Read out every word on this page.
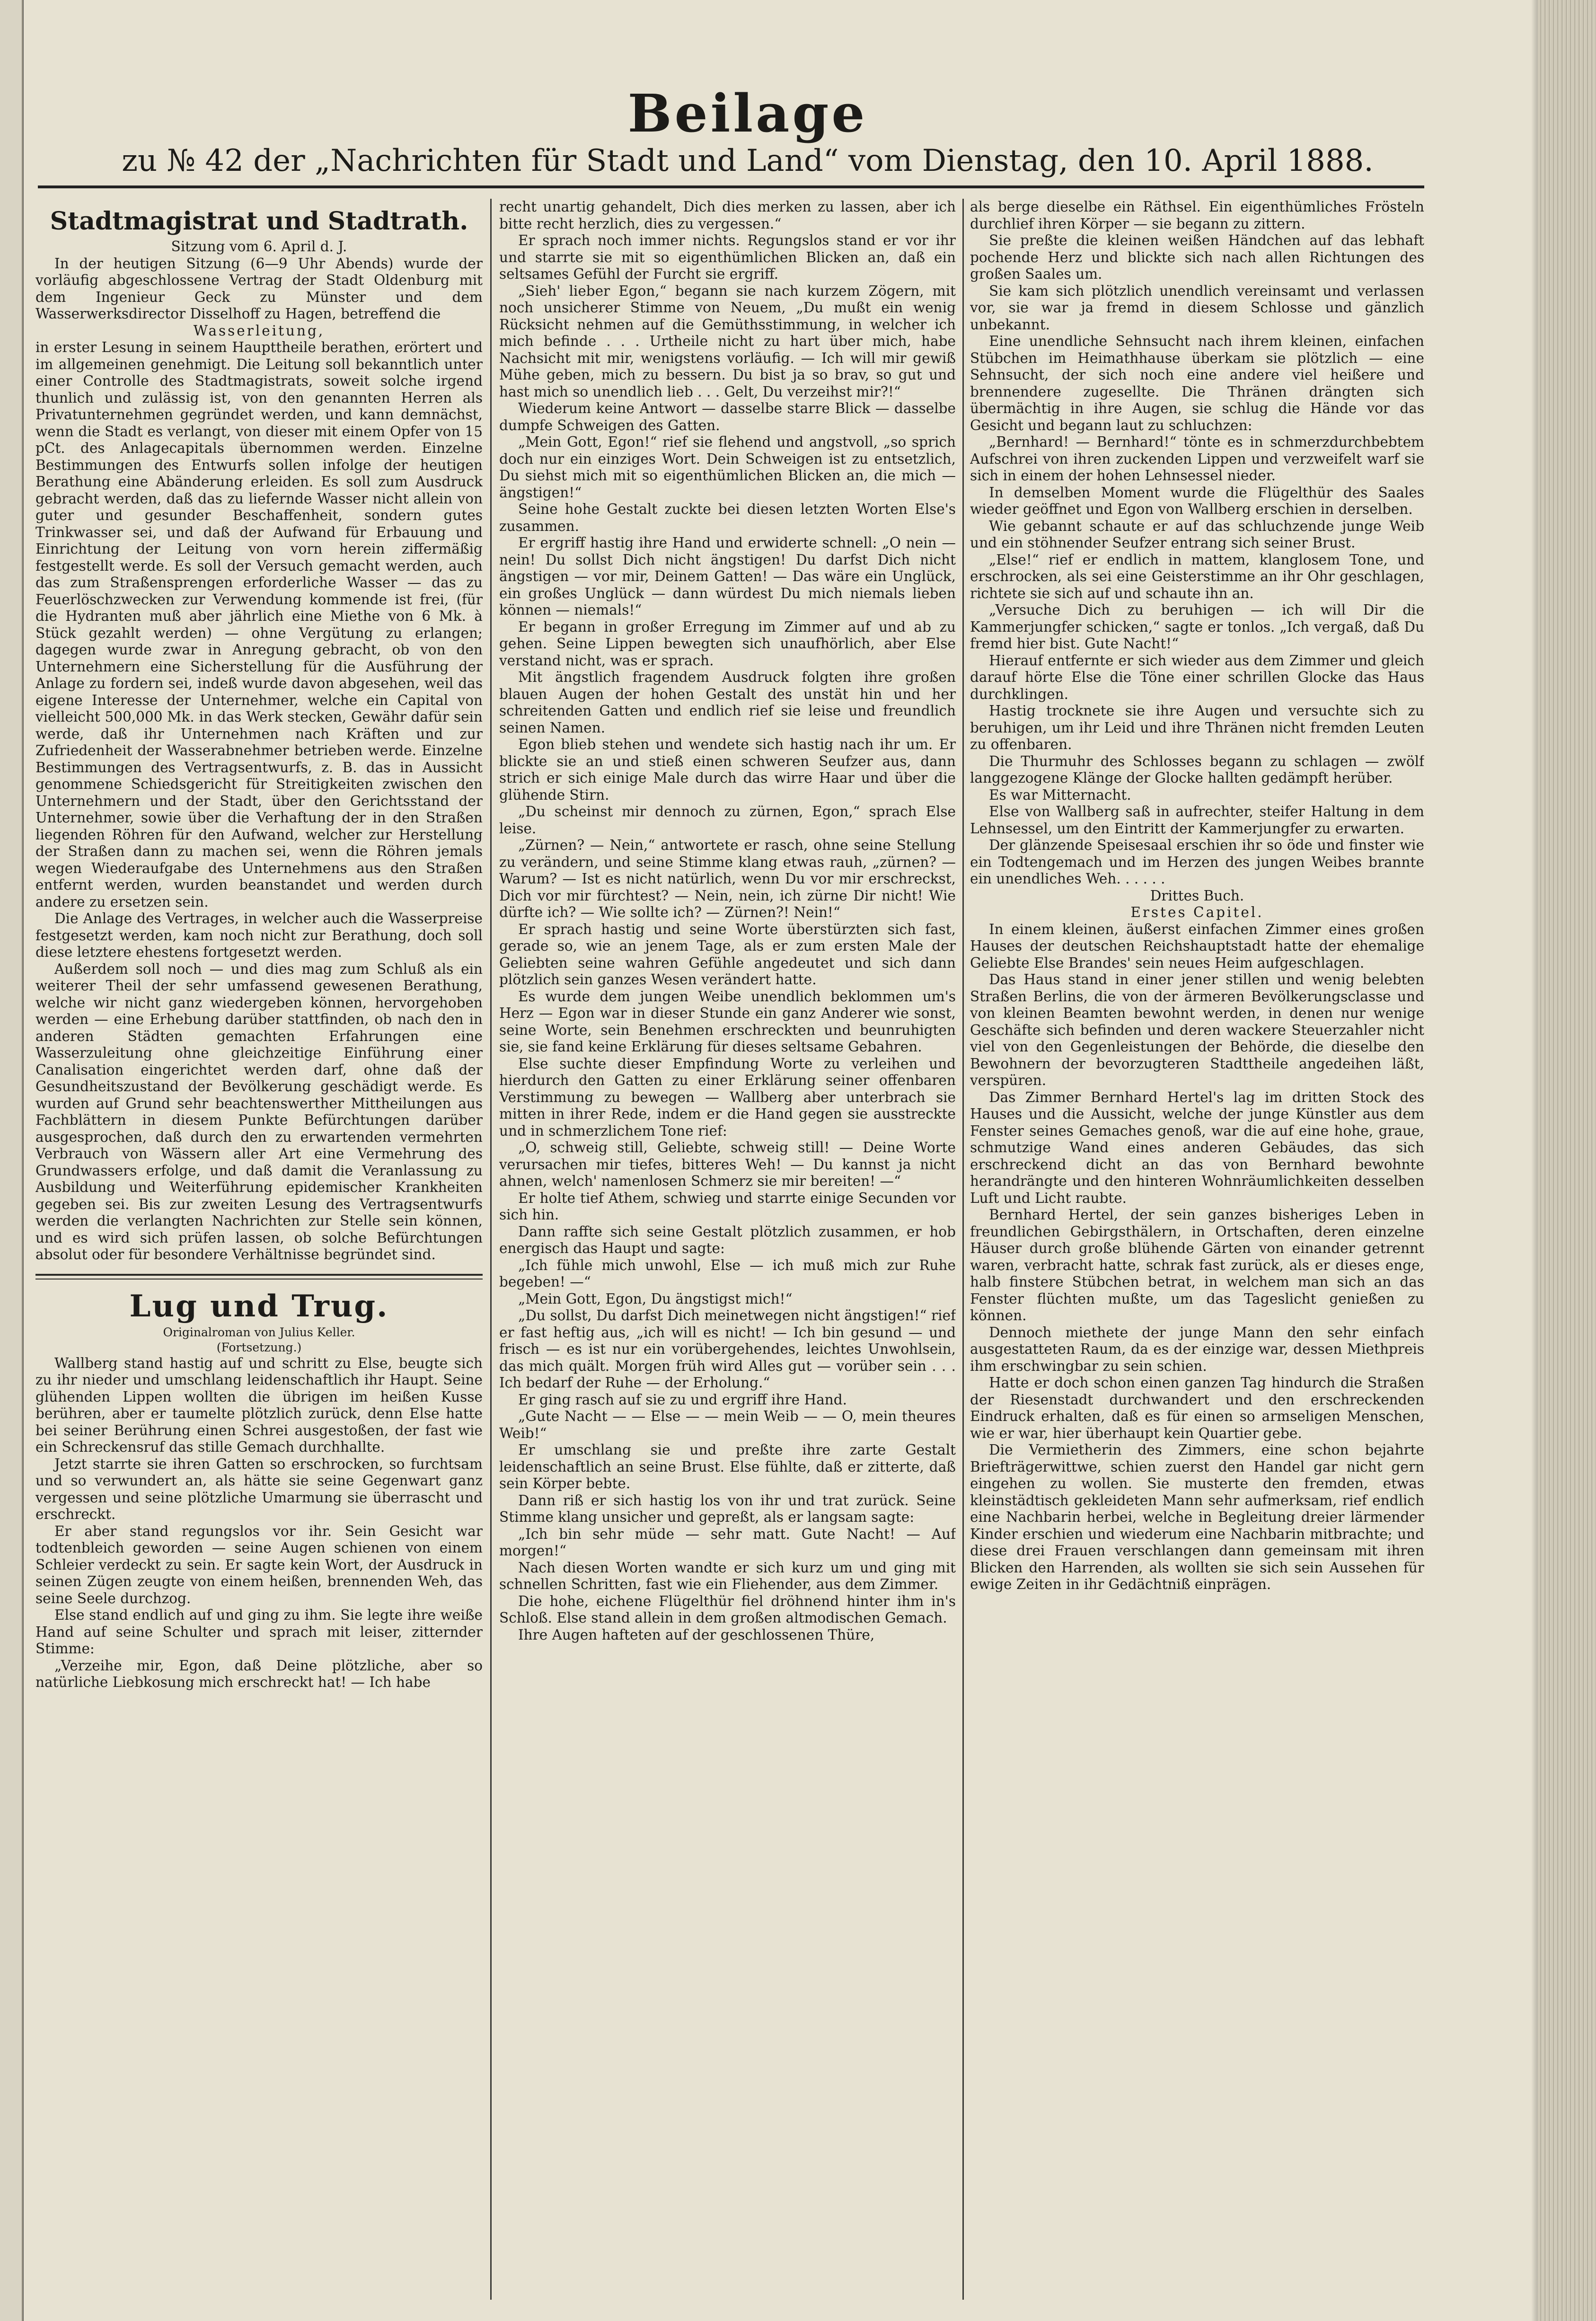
Beilage
zu № 42 der „Nachrichten für Stadt und Land“ vom Dienstag, den 10. April 1888.
Stadtmagistrat und Stadtrath.

Sitzung vom 6. April d. J.

In der heutigen Sitzung (6—9 Uhr Abends) wurde der vorläufig abgeschlossene Vertrag der Stadt Oldenburg mit dem Ingenieur Geck zu Münster und dem Wasserwerksdirector Disselhoff zu Hagen, betreffend die

Wasserleitung,

in erster Lesung in seinem Haupttheile berathen, erörtert und im allgemeinen genehmigt. Die Leitung soll bekanntlich unter einer Controlle des Stadtmagistrats, soweit solche irgend thunlich und zulässig ist, von den genannten Herren als Privatunternehmen gegründet werden, und kann demnächst, wenn die Stadt es verlangt, von dieser mit einem Opfer von 15 pCt. des Anlagecapitals übernommen werden. Einzelne Bestimmungen des Entwurfs sollen infolge der heutigen Berathung eine Abänderung erleiden. Es soll zum Ausdruck gebracht werden, daß das zu liefernde Wasser nicht allein von guter und gesunder Beschaffenheit, sondern gutes Trinkwasser sei, und daß der Aufwand für Erbauung und Einrichtung der Leitung von vorn herein ziffermäßig festgestellt werde. Es soll der Versuch gemacht werden, auch das zum Straßensprengen erforderliche Wasser — das zu Feuerlöschzwecken zur Verwendung kommende ist frei, (für die Hydranten muß aber jährlich eine Miethe von 6 Mk. à Stück gezahlt werden) — ohne Vergütung zu erlangen; dagegen wurde zwar in Anregung gebracht, ob von den Unternehmern eine Sicherstellung für die Ausführung der Anlage zu fordern sei, indeß wurde davon abgesehen, weil das eigene Interesse der Unternehmer, welche ein Capital von vielleicht 500,000 Mk. in das Werk stecken, Gewähr dafür sein werde, daß ihr Unternehmen nach Kräften und zur Zufriedenheit der Wasserabnehmer betrieben werde. Einzelne Bestimmungen des Vertragsentwurfs, z. B. das in Aussicht genommene Schiedsgericht für Streitigkeiten zwischen den Unternehmern und der Stadt, über den Gerichtsstand der Unternehmer, sowie über die Verhaftung der in den Straßen liegenden Röhren für den Aufwand, welcher zur Herstellung der Straßen dann zu machen sei, wenn die Röhren jemals wegen Wiederaufgabe des Unternehmens aus den Straßen entfernt werden, wurden beanstandet und werden durch andere zu ersetzen sein.

Die Anlage des Vertrages, in welcher auch die Wasserpreise festgesetzt werden, kam noch nicht zur Berathung, doch soll diese letztere ehestens fortgesetzt werden.

Außerdem soll noch — und dies mag zum Schluß als ein weiterer Theil der sehr umfassend gewesenen Berathung, welche wir nicht ganz wiedergeben können, hervorgehoben werden — eine Erhebung darüber stattfinden, ob nach den in anderen Städten gemachten Erfahrungen eine Wasserzuleitung ohne gleichzeitige Einführung einer Canalisation eingerichtet werden darf, ohne daß der Gesundheitszustand der Bevölkerung geschädigt werde. Es wurden auf Grund sehr beachtenswerther Mittheilungen aus Fachblättern in diesem Punkte Befürchtungen darüber ausgesprochen, daß durch den zu erwartenden vermehrten Verbrauch von Wässern aller Art eine Vermehrung des Grundwassers erfolge, und daß damit die Veranlassung zu Ausbildung und Weiterführung epidemischer Krankheiten gegeben sei. Bis zur zweiten Lesung des Vertragsentwurfs werden die verlangten Nachrichten zur Stelle sein können, und es wird sich prüfen lassen, ob solche Befürchtungen absolut oder für besondere Verhältnisse begründet sind.

Lug und Trug.
Originalroman von Julius Keller.
(Fortsetzung.)

Wallberg stand hastig auf und schritt zu Else, beugte sich zu ihr nieder und umschlang leidenschaftlich ihr Haupt. Seine glühenden Lippen wollten die übrigen im heißen Kusse berühren, aber er taumelte plötzlich zurück, denn Else hatte bei seiner Berührung einen Schrei ausgestoßen, der fast wie ein Schreckensruf das stille Gemach durchhallte.

Jetzt starrte sie ihren Gatten so erschrocken, so furchtsam und so verwundert an, als hätte sie seine Gegenwart ganz vergessen und seine plötzliche Umarmung sie überrascht und erschreckt.

Er aber stand regungslos vor ihr. Sein Gesicht war todtenbleich geworden — seine Augen schienen von einem Schleier verdeckt zu sein. Er sagte kein Wort, der Ausdruck in seinen Zügen zeugte von einem heißen, brennenden Weh, das seine Seele durchzog.

Else stand endlich auf und ging zu ihm. Sie legte ihre weiße Hand auf seine Schulter und sprach mit leiser, zitternder Stimme:

„Verzeihe mir, Egon, daß Deine plötzliche, aber so natürliche Liebkosung mich erschreckt hat! — Ich habe

recht unartig gehandelt, Dich dies merken zu lassen, aber ich bitte recht herzlich, dies zu vergessen.“

Er sprach noch immer nichts. Regungslos stand er vor ihr und starrte sie mit so eigenthümlichen Blicken an, daß ein seltsames Gefühl der Furcht sie ergriff.

„Sieh' lieber Egon,“ begann sie nach kurzem Zögern, mit noch unsicherer Stimme von Neuem, „Du mußt ein wenig Rücksicht nehmen auf die Gemüthsstimmung, in welcher ich mich befinde . . . Urtheile nicht zu hart über mich, habe Nachsicht mit mir, wenigstens vorläufig. — Ich will mir gewiß Mühe geben, mich zu bessern. Du bist ja so brav, so gut und hast mich so unendlich lieb . . . Gelt, Du verzeihst mir?!“

Wiederum keine Antwort — dasselbe starre Blick — dasselbe dumpfe Schweigen des Gatten.

„Mein Gott, Egon!“ rief sie flehend und angstvoll, „so sprich doch nur ein einziges Wort. Dein Schweigen ist zu entsetzlich, Du siehst mich mit so eigenthümlichen Blicken an, die mich — ängstigen!“

Seine hohe Gestalt zuckte bei diesen letzten Worten Else's zusammen.

Er ergriff hastig ihre Hand und erwiderte schnell: „O nein — nein! Du sollst Dich nicht ängstigen! Du darfst Dich nicht ängstigen — vor mir, Deinem Gatten! — Das wäre ein Unglück, ein großes Unglück — dann würdest Du mich niemals lieben können — niemals!“

Er begann in großer Erregung im Zimmer auf und ab zu gehen. Seine Lippen bewegten sich unaufhörlich, aber Else verstand nicht, was er sprach.

Mit ängstlich fragendem Ausdruck folgten ihre großen blauen Augen der hohen Gestalt des unstät hin und her schreitenden Gatten und endlich rief sie leise und freundlich seinen Namen.

Egon blieb stehen und wendete sich hastig nach ihr um. Er blickte sie an und stieß einen schweren Seufzer aus, dann strich er sich einige Male durch das wirre Haar und über die glühende Stirn.

„Du scheinst mir dennoch zu zürnen, Egon,“ sprach Else leise.

„Zürnen? — Nein,“ antwortete er rasch, ohne seine Stellung zu verändern, und seine Stimme klang etwas rauh, „zürnen? — Warum? — Ist es nicht natürlich, wenn Du vor mir erschreckst, Dich vor mir fürchtest? — Nein, nein, ich zürne Dir nicht! Wie dürfte ich? — Wie sollte ich? — Zürnen?! Nein!“

Er sprach hastig und seine Worte überstürzten sich fast, gerade so, wie an jenem Tage, als er zum ersten Male der Geliebten seine wahren Gefühle angedeutet und sich dann plötzlich sein ganzes Wesen verändert hatte.

Es wurde dem jungen Weibe unendlich beklommen um's Herz — Egon war in dieser Stunde ein ganz Anderer wie sonst, seine Worte, sein Benehmen erschreckten und beunruhigten sie, sie fand keine Erklärung für dieses seltsame Gebahren.

Else suchte dieser Empfindung Worte zu verleihen und hierdurch den Gatten zu einer Erklärung seiner offenbaren Verstimmung zu bewegen — Wallberg aber unterbrach sie mitten in ihrer Rede, indem er die Hand gegen sie ausstreckte und in schmerzlichem Tone rief:

„O, schweig still, Geliebte, schweig still! — Deine Worte verursachen mir tiefes, bitteres Weh! — Du kannst ja nicht ahnen, welch' namenlosen Schmerz sie mir bereiten! —“

Er holte tief Athem, schwieg und starrte einige Secunden vor sich hin.

Dann raffte sich seine Gestalt plötzlich zusammen, er hob energisch das Haupt und sagte:

„Ich fühle mich unwohl, Else — ich muß mich zur Ruhe begeben! —“

„Mein Gott, Egon, Du ängstigst mich!“

„Du sollst, Du darfst Dich meinetwegen nicht ängstigen!“ rief er fast heftig aus, „ich will es nicht! — Ich bin gesund — und frisch — es ist nur ein vorübergehendes, leichtes Unwohlsein, das mich quält. Morgen früh wird Alles gut — vorüber sein . . . Ich bedarf der Ruhe — der Erholung.“

Er ging rasch auf sie zu und ergriff ihre Hand.

„Gute Nacht — — Else — — mein Weib — — O, mein theures Weib!“

Er umschlang sie und preßte ihre zarte Gestalt leidenschaftlich an seine Brust. Else fühlte, daß er zitterte, daß sein Körper bebte.

Dann riß er sich hastig los von ihr und trat zurück. Seine Stimme klang unsicher und gepreßt, als er langsam sagte:

„Ich bin sehr müde — sehr matt. Gute Nacht! — Auf morgen!“

Nach diesen Worten wandte er sich kurz um und ging mit schnellen Schritten, fast wie ein Fliehender, aus dem Zimmer.

Die hohe, eichene Flügelthür fiel dröhnend hinter ihm in's Schloß. Else stand allein in dem großen altmodischen Gemach.

Ihre Augen hafteten auf der geschlossenen Thüre,

als berge dieselbe ein Räthsel. Ein eigenthümliches Frösteln durchlief ihren Körper — sie begann zu zittern.

Sie preßte die kleinen weißen Händchen auf das lebhaft pochende Herz und blickte sich nach allen Richtungen des großen Saales um.

Sie kam sich plötzlich unendlich vereinsamt und verlassen vor, sie war ja fremd in diesem Schlosse und gänzlich unbekannt.

Eine unendliche Sehnsucht nach ihrem kleinen, einfachen Stübchen im Heimathhause überkam sie plötzlich — eine Sehnsucht, der sich noch eine andere viel heißere und brennendere zugesellte. Die Thränen drängten sich übermächtig in ihre Augen, sie schlug die Hände vor das Gesicht und begann laut zu schluchzen:

„Bernhard! — Bernhard!“ tönte es in schmerzdurchbebtem Aufschrei von ihren zuckenden Lippen und verzweifelt warf sie sich in einem der hohen Lehnsessel nieder.

In demselben Moment wurde die Flügelthür des Saales wieder geöffnet und Egon von Wallberg erschien in derselben.

Wie gebannt schaute er auf das schluchzende junge Weib und ein stöhnender Seufzer entrang sich seiner Brust.

„Else!“ rief er endlich in mattem, klanglosem Tone, und erschrocken, als sei eine Geisterstimme an ihr Ohr geschlagen, richtete sie sich auf und schaute ihn an.

„Versuche Dich zu beruhigen — ich will Dir die Kammerjungfer schicken,“ sagte er tonlos. „Ich vergaß, daß Du fremd hier bist. Gute Nacht!“

Hierauf entfernte er sich wieder aus dem Zimmer und gleich darauf hörte Else die Töne einer schrillen Glocke das Haus durchklingen.

Hastig trocknete sie ihre Augen und versuchte sich zu beruhigen, um ihr Leid und ihre Thränen nicht fremden Leuten zu offenbaren.

Die Thurmuhr des Schlosses begann zu schlagen — zwölf langgezogene Klänge der Glocke hallten gedämpft herüber.

Es war Mitternacht.

Else von Wallberg saß in aufrechter, steifer Haltung in dem Lehnsessel, um den Eintritt der Kammerjungfer zu erwarten.

Der glänzende Speisesaal erschien ihr so öde und finster wie ein Todtengemach und im Herzen des jungen Weibes brannte ein unendliches Weh. . . . . .

Drittes Buch.

Erstes Capitel.

In einem kleinen, äußerst einfachen Zimmer eines großen Hauses der deutschen Reichshauptstadt hatte der ehemalige Geliebte Else Brandes' sein neues Heim aufgeschlagen.

Das Haus stand in einer jener stillen und wenig belebten Straßen Berlins, die von der ärmeren Bevölkerungsclasse und von kleinen Beamten bewohnt werden, in denen nur wenige Geschäfte sich befinden und deren wackere Steuerzahler nicht viel von den Gegenleistungen der Behörde, die dieselbe den Bewohnern der bevorzugteren Stadttheile angedeihen läßt, verspüren.

Das Zimmer Bernhard Hertel's lag im dritten Stock des Hauses und die Aussicht, welche der junge Künstler aus dem Fenster seines Gemaches genoß, war die auf eine hohe, graue, schmutzige Wand eines anderen Gebäudes, das sich erschreckend dicht an das von Bernhard bewohnte herandrängte und den hinteren Wohnräumlichkeiten desselben Luft und Licht raubte.

Bernhard Hertel, der sein ganzes bisheriges Leben in freundlichen Gebirgsthälern, in Ortschaften, deren einzelne Häuser durch große blühende Gärten von einander getrennt waren, verbracht hatte, schrak fast zurück, als er dieses enge, halb finstere Stübchen betrat, in welchem man sich an das Fenster flüchten mußte, um das Tageslicht genießen zu können.

Dennoch miethete der junge Mann den sehr einfach ausgestatteten Raum, da es der einzige war, dessen Miethpreis ihm erschwingbar zu sein schien.

Hatte er doch schon einen ganzen Tag hindurch die Straßen der Riesenstadt durchwandert und den erschreckenden Eindruck erhalten, daß es für einen so armseligen Menschen, wie er war, hier überhaupt kein Quartier gebe.

Die Vermietherin des Zimmers, eine schon bejahrte Briefträgerwittwe, schien zuerst den Handel gar nicht gern eingehen zu wollen. Sie musterte den fremden, etwas kleinstädtisch gekleideten Mann sehr aufmerksam, rief endlich eine Nachbarin herbei, welche in Begleitung dreier lärmender Kinder erschien und wiederum eine Nachbarin mitbrachte; und diese drei Frauen verschlangen dann gemeinsam mit ihren Blicken den Harrenden, als wollten sie sich sein Aussehen für ewige Zeiten in ihr Gedächtniß einprägen.
